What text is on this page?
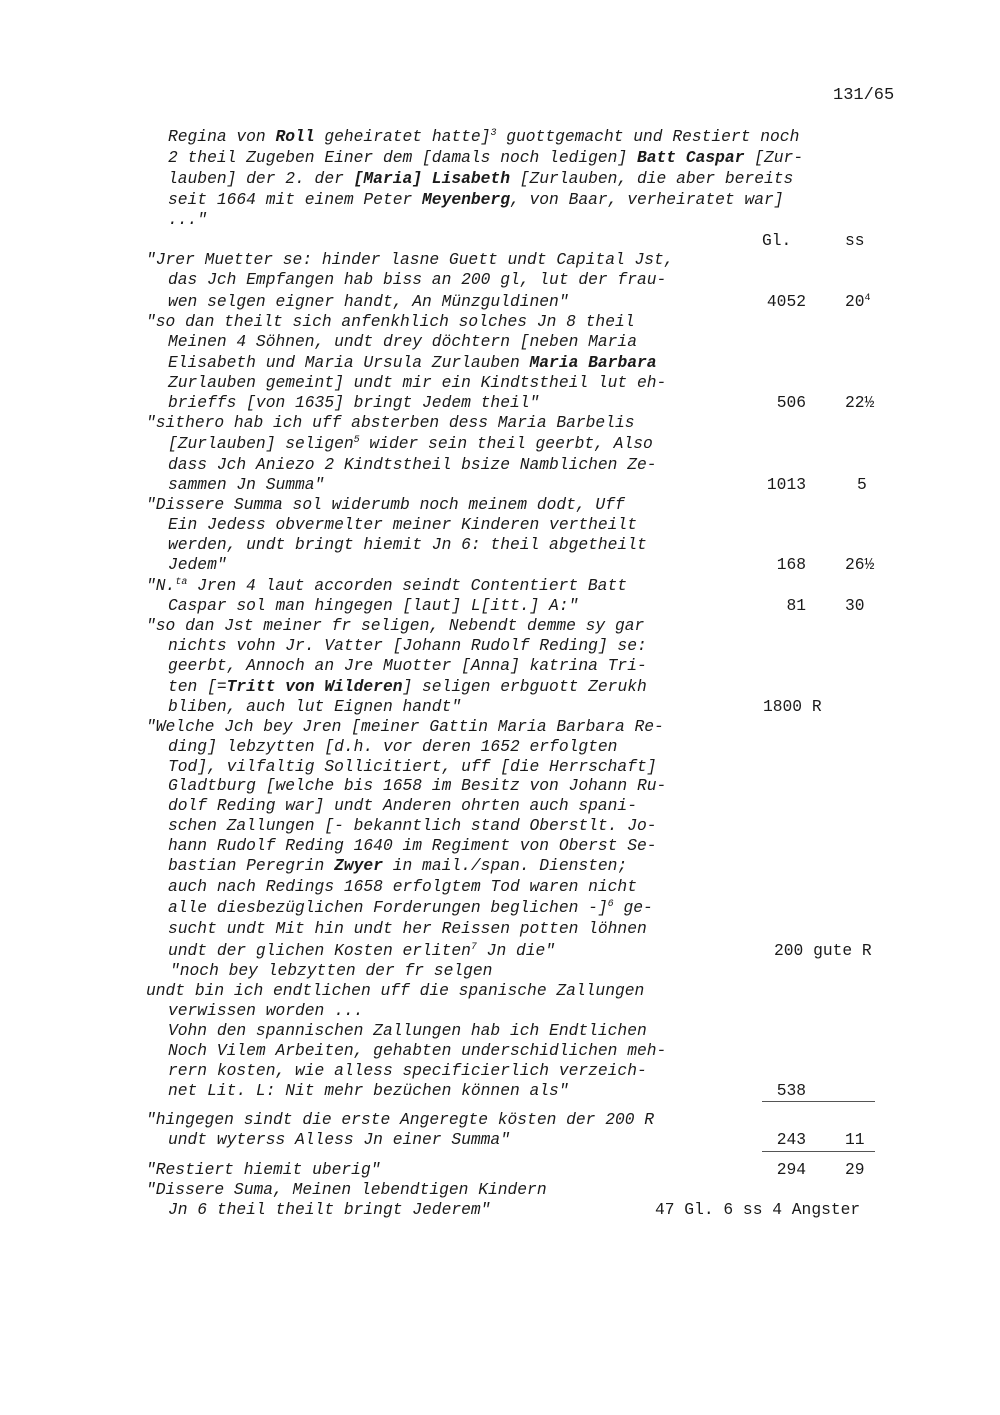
131/65
Regina von Roll geheiratet hatte]$^3$ guottgemacht und Restiert noch
2 theil Zugeben Einer dem [damals noch ledigen] Batt Caspar [Zur-
lauben] der 2. der [Maria] Lisabeth [Zurlauben, die aber bereits
seit 1664 mit einem Peter Meyenberg, von Baar, verheiratet war]
..."
Gl.	ss
"Jrer Muetter se: hinder lasne Guett undt Capital Jst,
das Jch Empfangen hab biss an 200 gl, lut der frau-
wen selgen eigner handt, An Münzguldinen"	4052 $20^4$
"so dan theilt sich anfenkhlich solches Jn 8 theil
Meinen 4 Söhnen, undt drey döchtern [neben Maria
Elisabeth und Maria Ursula Zurlauben Maria Barbara
Zurlauben gemeint] undt mir ein Kindtstheil lut eh-
brieffs [von 1635] bringt Jedem theil"	506 22½
"sithero hab ich uff absterben dess Maria Barbelis
[Zurlauben] seligen$^5$ wider sein theil geerbt, Also
dass Jch Aniezo 2 Kindtstheil bsize Namblichen Ze-
sammen Jn Summa"	1013	5
"Dissere Summa sol widerumb noch meinem dodt, Uff
Ein Jedess obvermelter meiner Kinderen vertheilt
werden, undt bringt hiemit Jn 6: theil abgetheilt
Jedem"	168 26½
"N.$^{ta}$ Jren 4 laut accorden seindt Contentiert Batt
Caspar sol man hingegen [laut] L[itt.] A:"	81 30
"so dan Jst meiner fr seligen, Nebendt demme sy gar
nichts vohn Jr. Vatter [Johann Rudolf Reding] se:
geerbt, Annoch an Jre Muotter [Anna] katrina Tri-
ten [=Tritt von Wilderen] seligen erbguott Zerukh
bliben, auch lut Eignen handt"	1800 R
"Welche Jch bey Jren [meiner Gattin Maria Barbara Re-
ding] lebzytten [d.h. vor deren 1652 erfolgten
Tod], vilfaltig Sollicitiert, uff [die Herrschaft]
Gladtburg [welche bis 1658 im Besitz von Johann Ru-
dolf Reding war] undt Anderen ohrten auch spani-
schen Zallungen [- bekanntlich stand Oberstlt. Jo-
hann Rudolf Reding 1640 im Regiment von Oberst Se-
bastian Peregrin Zwyer in mail./span. Diensten;
auch nach Redings 1658 erfolgtem Tod waren nicht
alle diesbezüglichen Forderungen beglichen -]$^6$ ge-
sucht undt Mit hin undt her Reissen potten löhnen
undt der glichen Kosten erliten$^7$ Jn die"	200 gute R
"noch bey lebzytten der fr selgen
undt bin ich endtlichen uff die spanische Zallungen
verwissen worden ...
Vohn den spannischen Zallungen hab ich Endtlichen
Noch Vilem Arbeiten, gehabten underschidlichen meh-
rern kosten, wie alless specificierlich verzeich-
net Lit. L: Nit mehr bezüchen können als"	538
"hingegen sindt die erste Angeregte kösten der 200 R
undt wyterss Alless Jn einer Summa"	243 11
"Restiert hiemit uberig"	294 29
"Dissere Suma, Meinen lebendtigen Kindern
Jn 6 theil theilt bringt Jederem"	47 Gl. 6 ss 4 Angster
